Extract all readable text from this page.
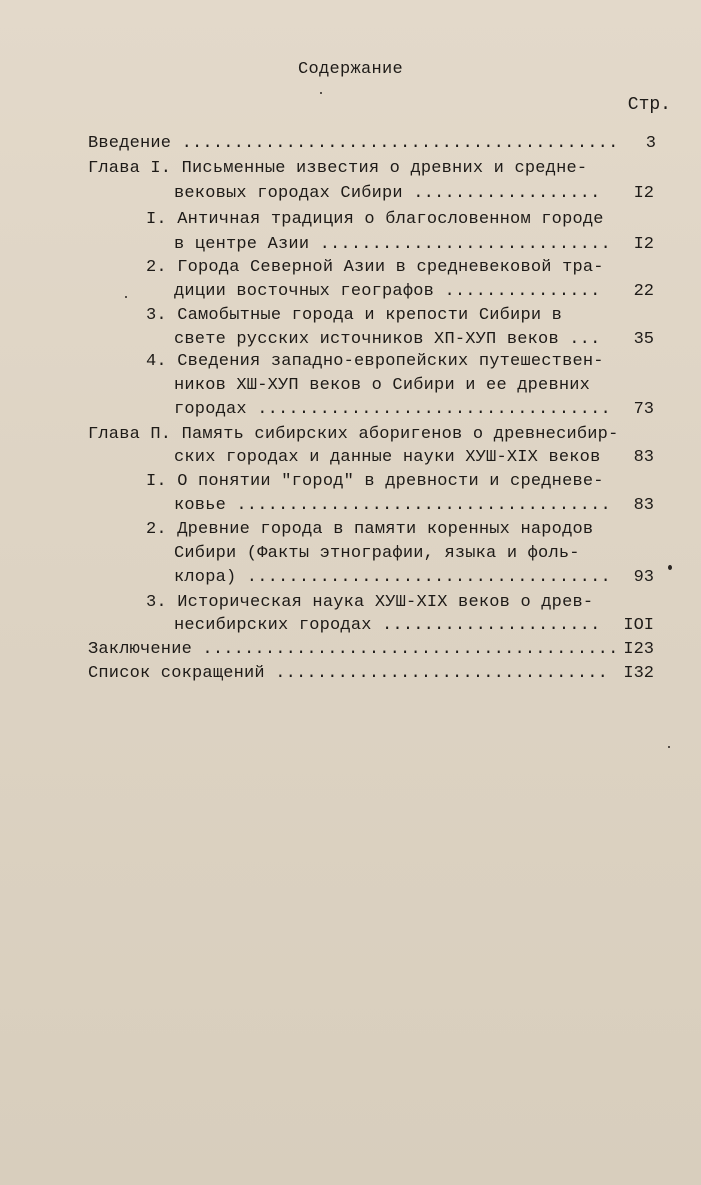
Содержание
Стр.
Введение .......................................... 3
Глава I. Письменные известия о древних и средне-
вековых городах Сибири .................. I2
I. Античная традиция о благословенном городе
в центре Азии ............................ I2
2. Города Северной Азии в средневековой тра-
диции восточных географов ............... 22
3. Самобытные города и крепости Сибири в
свете русских источников ХП-ХУП веков ... 35
4. Сведения западно-европейских путешествен-
ников ХШ-ХУП веков о Сибири и ее древних
городах .................................. 73
Глава П. Память сибирских аборигенов о древнесибир-
ских городах и данные науки ХУШ-XIX веков 83
I. О понятии "город" в древности и средневе-
ковье .................................... 83
2. Древние города в памяти коренных народов
Сибири (Факты этнографии, языка и фоль-
клора) ................................... 93
3. Историческая наука ХУШ-XIX веков о древ-
несибирских городах ..................... IOI
Заключение ........................................ I23
Список сокращений ................................ I32
